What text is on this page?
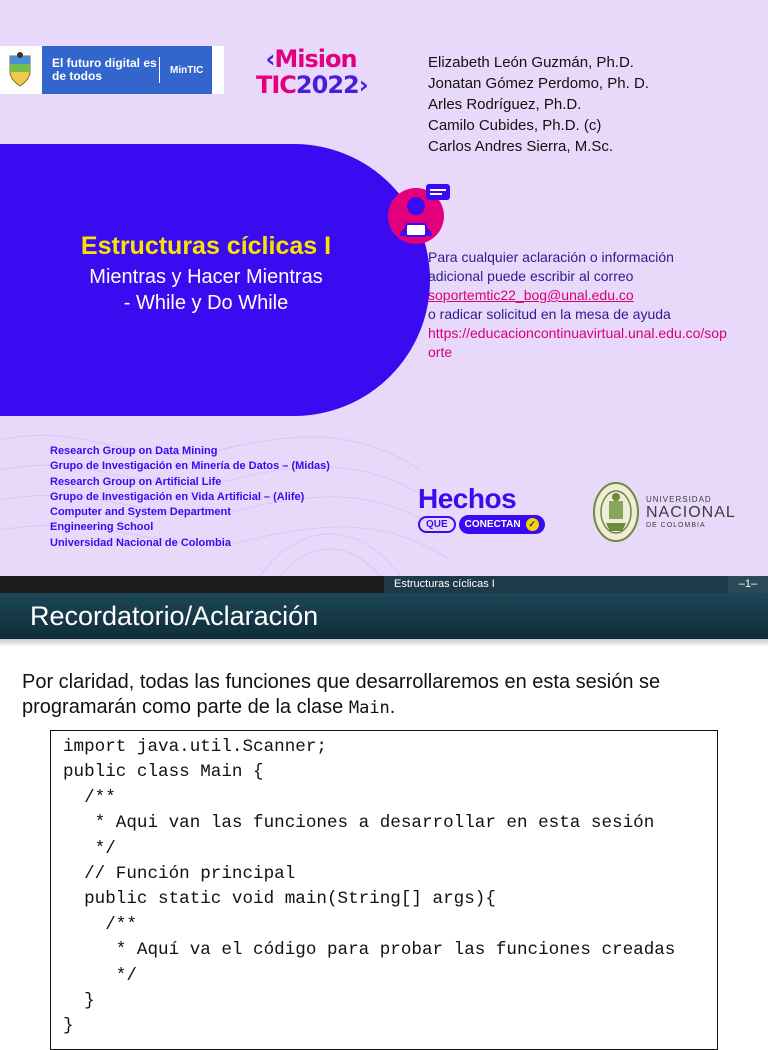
El futuro digital es de todos	MinTIC	‹Mision
TIC2022›
Elizabeth León Guzmán, Ph.D.
Jonatan Gómez Perdomo, Ph. D.
Arles Rodríguez, Ph.D.
Camilo Cubides, Ph.D. (c)
Carlos Andres Sierra, M.Sc.
Estructuras cíclicas I
Mientras y Hacer Mientras
- While y Do While
Para cualquier aclaración o información
adicional puede escribir al correo
soportemtic22_bog@unal.edu.co
o radicar solicitud en la mesa de ayuda
https://educacioncontinuavirtual.unal.edu.co/soporte
Research Group on Data Mining
Grupo de Investigación en Minería de Datos – (Midas)
Research Group on Artificial Life
Grupo de Investigación en Vida Artificial – (Alife)
Computer and System Department
Engineering School
Universidad Nacional de Colombia
Hechos
QUE	CONECTAN ✓
UNIVERSIDAD
NACIONAL
DE COLOMBIA
Estructuras cíclicas I	–1–
Recordatorio/Aclaración
Por claridad, todas las funciones que desarrollaremos en esta sesión se programarán como parte de la clase Main.
import java.util.Scanner;
public class Main {
/**
* Aqui van las funciones a desarrollar en esta sesión
*/
// Función principal
public static void main(String[] args){
/**
* Aquí va el código para probar las funciones creadas
*/
}
}
